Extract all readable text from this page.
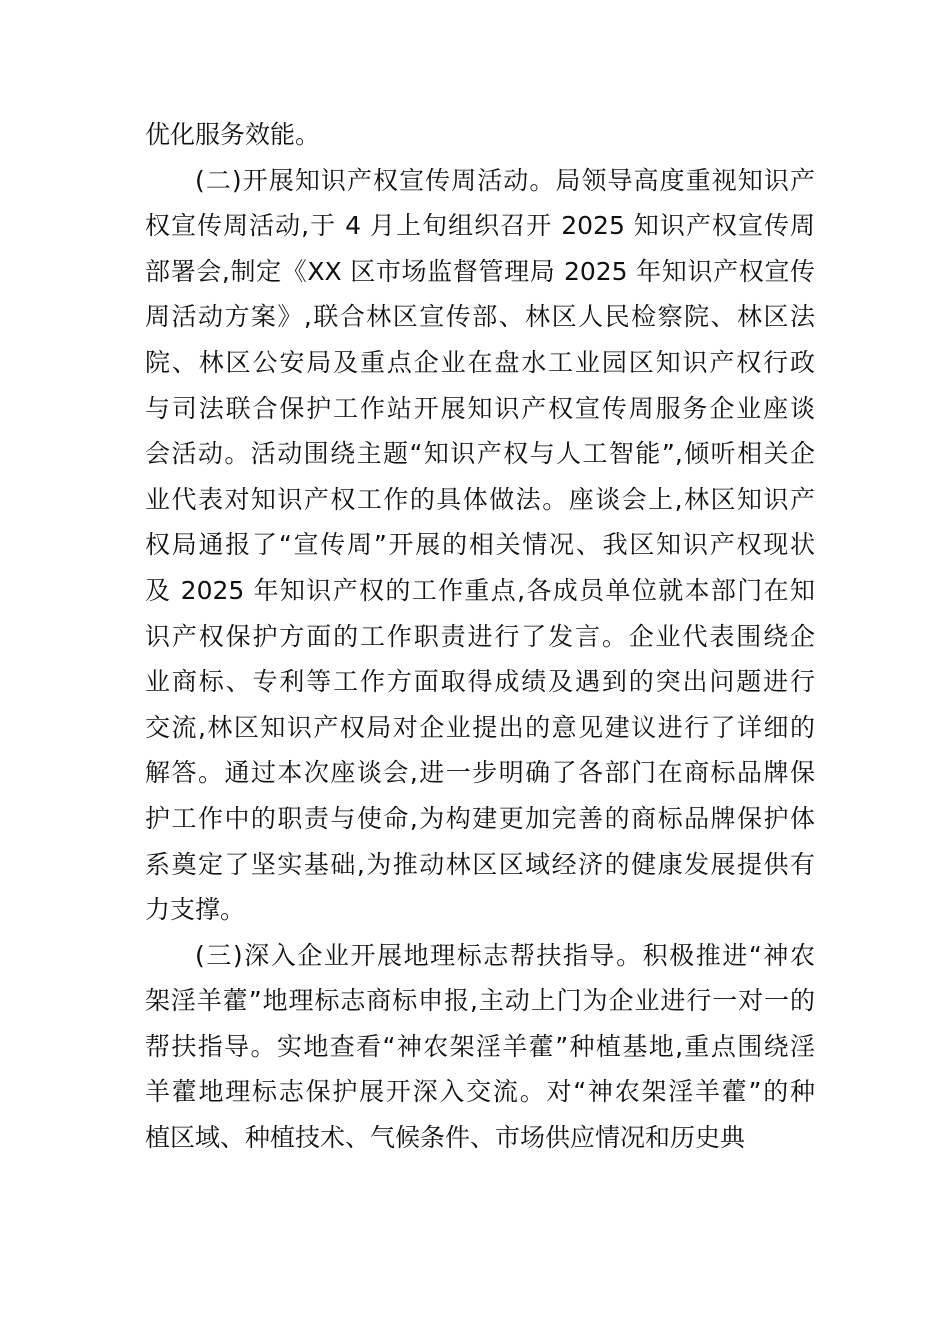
优化服务效能。
(二)开展知识产权宣传周活动。局领导高度重视知识产
权宣传周活动,于 4 月上旬组织召开 2025 知识产权宣传周
部署会,制定《XX 区市场监督管理局 2025 年知识产权宣传
周活动方案》,联合林区宣传部、林区人民检察院、林区法
院、林区公安局及重点企业在盘水工业园区知识产权行政
与司法联合保护工作站开展知识产权宣传周服务企业座谈
会活动。活动围绕主题“知识产权与人工智能”,倾听相关企
业代表对知识产权工作的具体做法。座谈会上,林区知识产
权局通报了“宣传周”开展的相关情况、我区知识产权现状
及 2025 年知识产权的工作重点,各成员单位就本部门在知
识产权保护方面的工作职责进行了发言。企业代表围绕企
业商标、专利等工作方面取得成绩及遇到的突出问题进行
交流,林区知识产权局对企业提出的意见建议进行了详细的
解答。通过本次座谈会,进一步明确了各部门在商标品牌保
护工作中的职责与使命,为构建更加完善的商标品牌保护体
系奠定了坚实基础,为推动林区区域经济的健康发展提供有
力支撑。
(三)深入企业开展地理标志帮扶指导。积极推进“神农
架淫羊藿”地理标志商标申报,主动上门为企业进行一对一的
帮扶指导。实地查看“神农架淫羊藿”种植基地,重点围绕淫
羊藿地理标志保护展开深入交流。对“神农架淫羊藿”的种
植区域、种植技术、气候条件、市场供应情况和历史典
